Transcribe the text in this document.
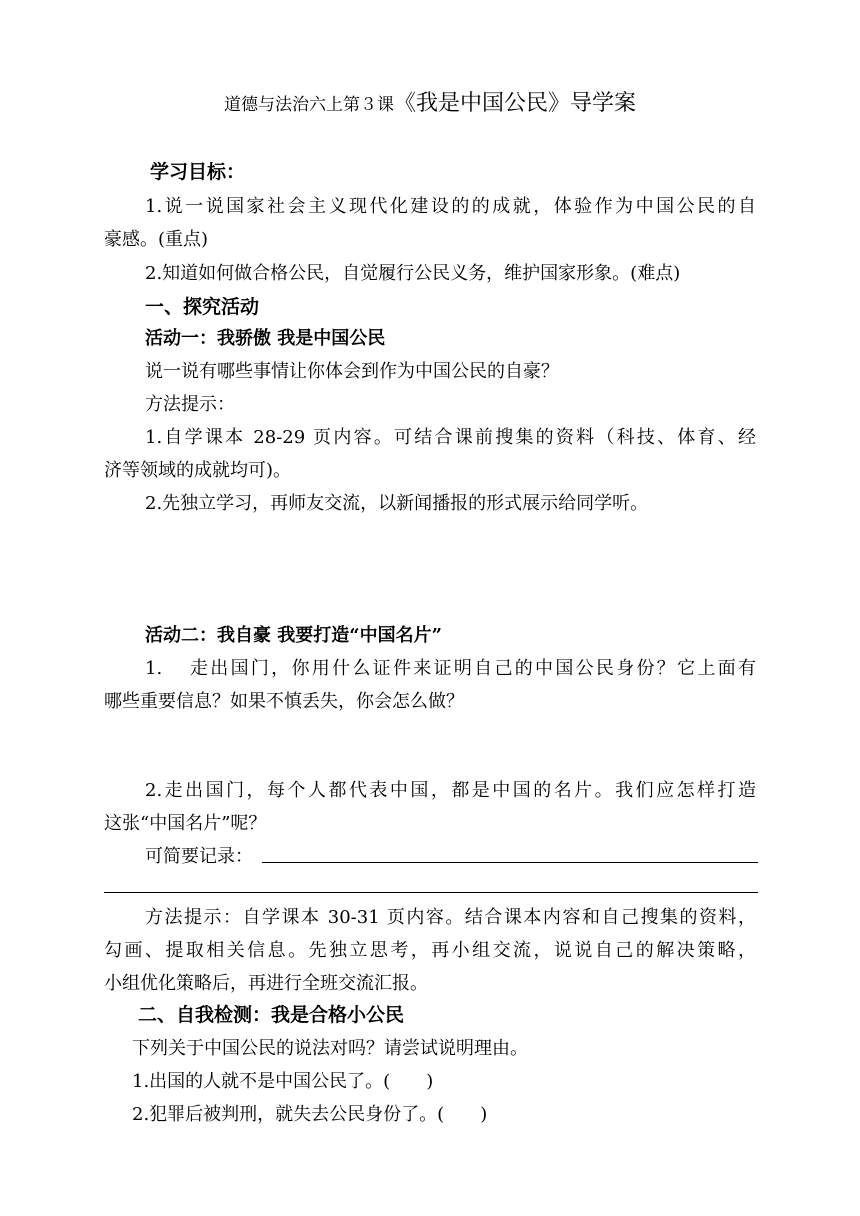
道德与法治六上第３课《我是中国公民》导学案
学习目标：
1.说一说国家社会主义现代化建设的的成就，体验作为中国公民的自
豪感。(重点)
2.知道如何做合格公民，自觉履行公民义务，维护国家形象。(难点)
一、探究活动
活动一：我骄傲 我是中国公民
说一说有哪些事情让你体会到作为中国公民的自豪？
方法提示：
1.自学课本 28-29 页内容。可结合课前搜集的资料（科技、体育、经
济等领域的成就均可)。
2.先独立学习，再师友交流，以新闻播报的形式展示给同学听。
活动二：我自豪 我要打造“中国名片”
1. 走出国门，你用什么证件来证明自己的中国公民身份？它上面有
哪些重要信息？如果不慎丢失，你会怎么做？
2.走出国门，每个人都代表中国，都是中国的名片。我们应怎样打造
这张“中国名片”呢？
可简要记录：
方法提示：自学课本 30-31 页内容。结合课本内容和自己搜集的资料，
勾画、提取相关信息。先独立思考，再小组交流，说说自己的解决策略，
小组优化策略后，再进行全班交流汇报。
二、自我检测：我是合格小公民
下列关于中国公民的说法对吗？请尝试说明理由。
1.出国的人就不是中国公民了。(　　)
2.犯罪后被判刑，就失去公民身份了。(　　)
